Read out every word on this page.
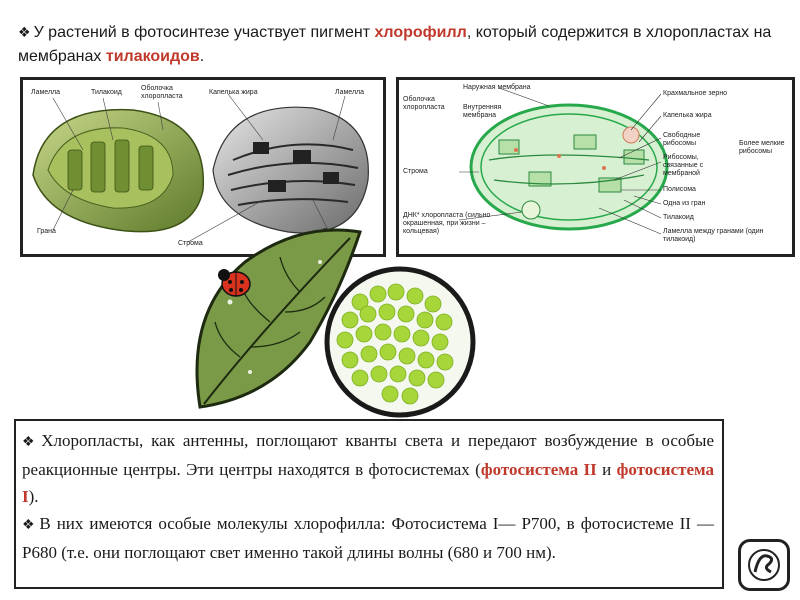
❖ У растений в фотосинтезе участвует пигмент хлорофилл, который содержится в хлоропластах на мембранах тилакоидов.
Ламелла	Тилакоид
Оболочка хлоропласта
Капелька жира	Ламелла
Грана
Строма
Оболочка хлоропласта
Наружная мембрана
Внутренняя мембрана
Строма
ДНК* хлоропласта (сильно окрашенная, при жизни – кольцевая)
Крахмальное зерно
Капелька жира
Свободные рибосомы
Рибосомы, связанные с мембраной
Полисома
Одна из гран
Тилакоид
Ламелла между гранами (один тилакоид)
Более мелкие рибосомы

❖ Хлоропласты, как антенны, поглощают кванты света и передают возбуждение в особые реакционные центры. Эти центры находятся в фотосистемах (фотосистема II и фотосистема I).

❖ В них имеются особые молекулы хлорофилла: Фотосистема I— Р700, в фотосистеме II — Р680 (т.е. они поглощают свет именно такой длины волны (680 и 700 нм).
